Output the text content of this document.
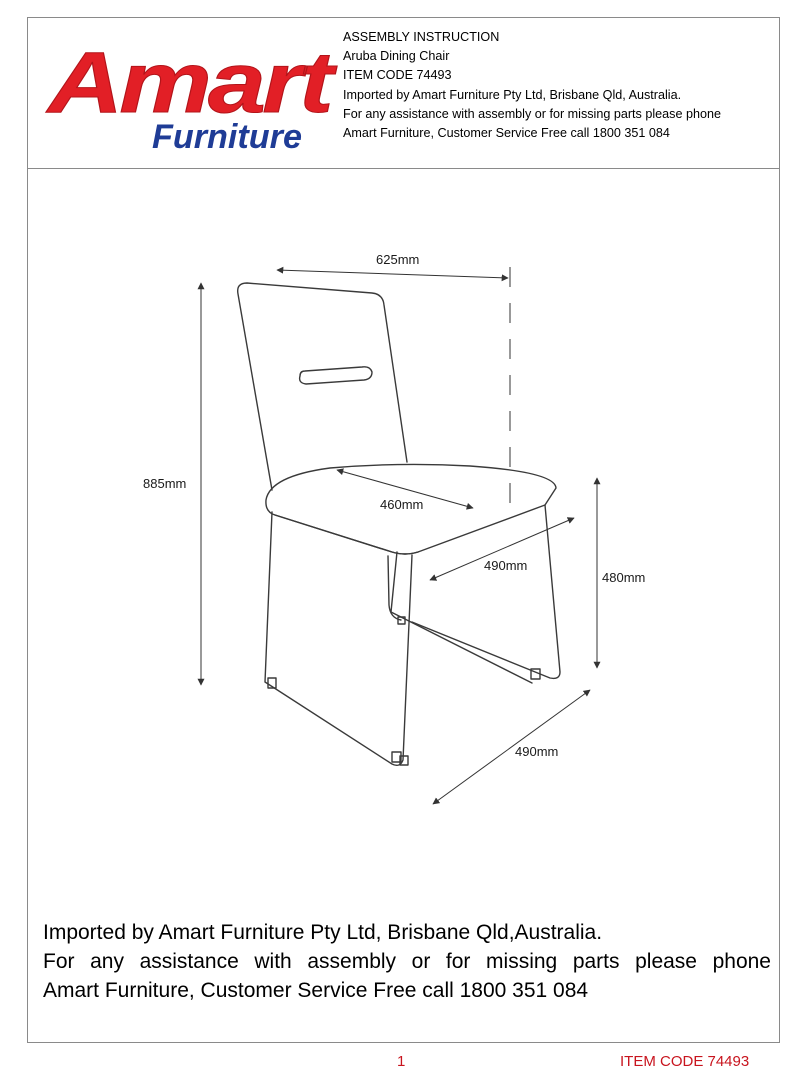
Amart
Furniture
ASSEMBLY INSTRUCTION
Aruba Dining Chair
ITEM CODE 74493
Imported by Amart Furniture Pty Ltd, Brisbane Qld, Australia.
For any assistance with assembly or for missing parts please phone
Amart Furniture, Customer Service Free call 1800 351 084
625mm
885mm
460mm
490mm
480mm
490mm
Imported by Amart Furniture Pty Ltd, Brisbane Qld,Australia.
For any assistance with assembly or for missing parts please phone
Amart Furniture, Customer Service Free call 1800 351 084
1	ITEM CODE 74493
